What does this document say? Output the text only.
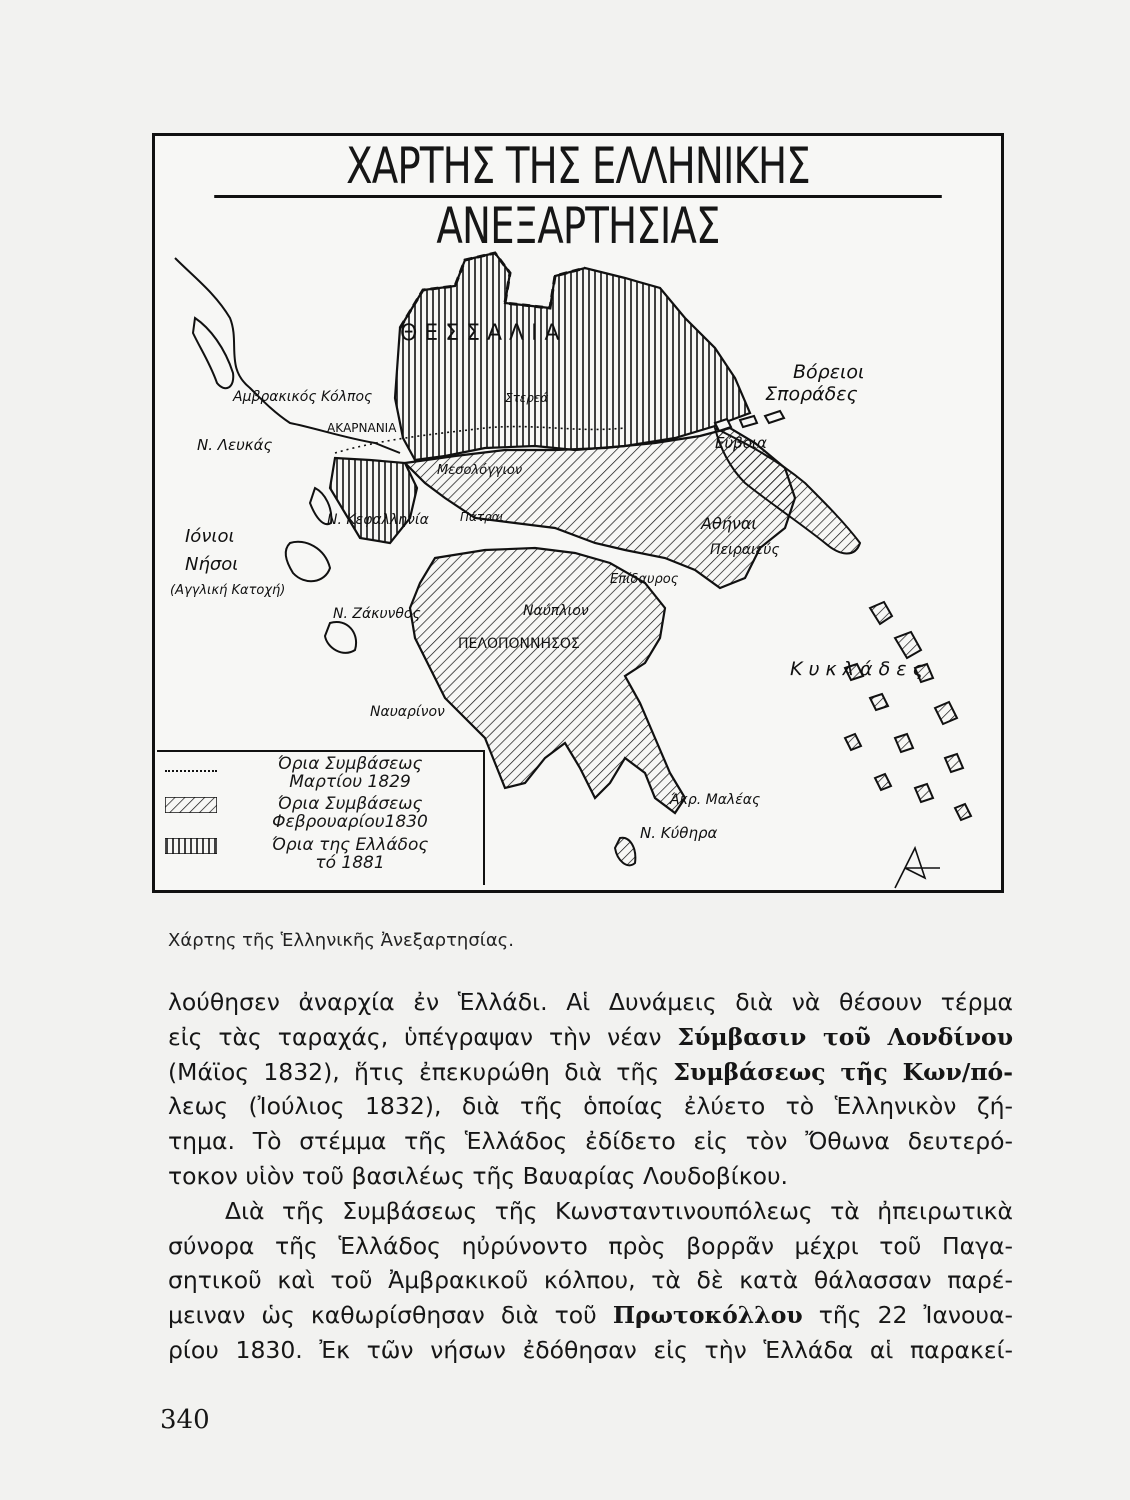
ΧΑΡΤΗΣ ΤΗΣ ΕΛΛΗΝΙΚΗΣ ΑΝΕΞΑΡΤΗΣΙΑΣ
Θ Ε Σ Σ Α Λ Ι Α
Βόρειοι
Σποράδες
Αμβρακικός Κόλπος
ΑΚΑΡΝΑΝΙΑ
Ν. Λευκάς
Στερεά
Εύβοια
Μεσολόγγιον
Ν. Κεφαλληνία	Πάτραι	Αθήναι
Πειραιεύς
Ιόνιοι
Νήσοι
(Αγγλική Κατοχή)
Ν. Ζάκυνθος
Επίδαυρος
Ναύπλιον
ΠΕΛΟΠΟΝΝΗΣΟΣ
Κ υ κ λ ά δ ε ς
Ναυαρίνον
Άκρ. Μαλέας
Ν. Κύθηρα
Όρια Συμβάσεως
Μαρτίου 1829
Όρια Συμβάσεως
Φεβρουαρίου1830
Όρια της Ελλάδος
τό 1881
Χάρτης τῆς Ἑλληνικῆς Ἀνεξαρτησίας.

λούθησεν ἀναρχία ἐν Ἑλλάδι. Αἱ Δυνάμεις διὰ νὰ θέσουν τέρμα

εἰς τὰς ταραχάς, ὑπέγραψαν τὴν νέαν Σύμβασιν τοῦ Λονδίνου

(Μάϊος 1832), ἥτις ἐπεκυρώθη διὰ τῆς Συμβάσεως τῆς Κων/πό-

λεως (Ἰούλιος 1832), διὰ τῆς ὁποίας ἐλύετο τὸ Ἑλληνικὸν ζή-

τημα. Τὸ στέμμα τῆς Ἑλλάδος ἐδίδετο εἰς τὸν Ὄθωνα δευτερό-

τοκον υἱὸν τοῦ βασιλέως τῆς Βαυαρίας Λουδοβίκου.

Διὰ τῆς Συμβάσεως τῆς Κωνσταντινουπόλεως τὰ ἠπειρωτικὰ

σύνορα τῆς Ἑλλάδος ηὐρύνοντο πρὸς βορρᾶν μέχρι τοῦ Παγα-

σητικοῦ καὶ τοῦ Ἀμβρακικοῦ κόλπου, τὰ δὲ κατὰ θάλασσαν παρέ-

μειναν ὡς καθωρίσθησαν διὰ τοῦ Πρωτοκόλλου τῆς 22 Ἰανουα-

ρίου 1830. Ἐκ τῶν νήσων ἐδόθησαν εἰς τὴν Ἑλλάδα αἱ παρακεί-

340
